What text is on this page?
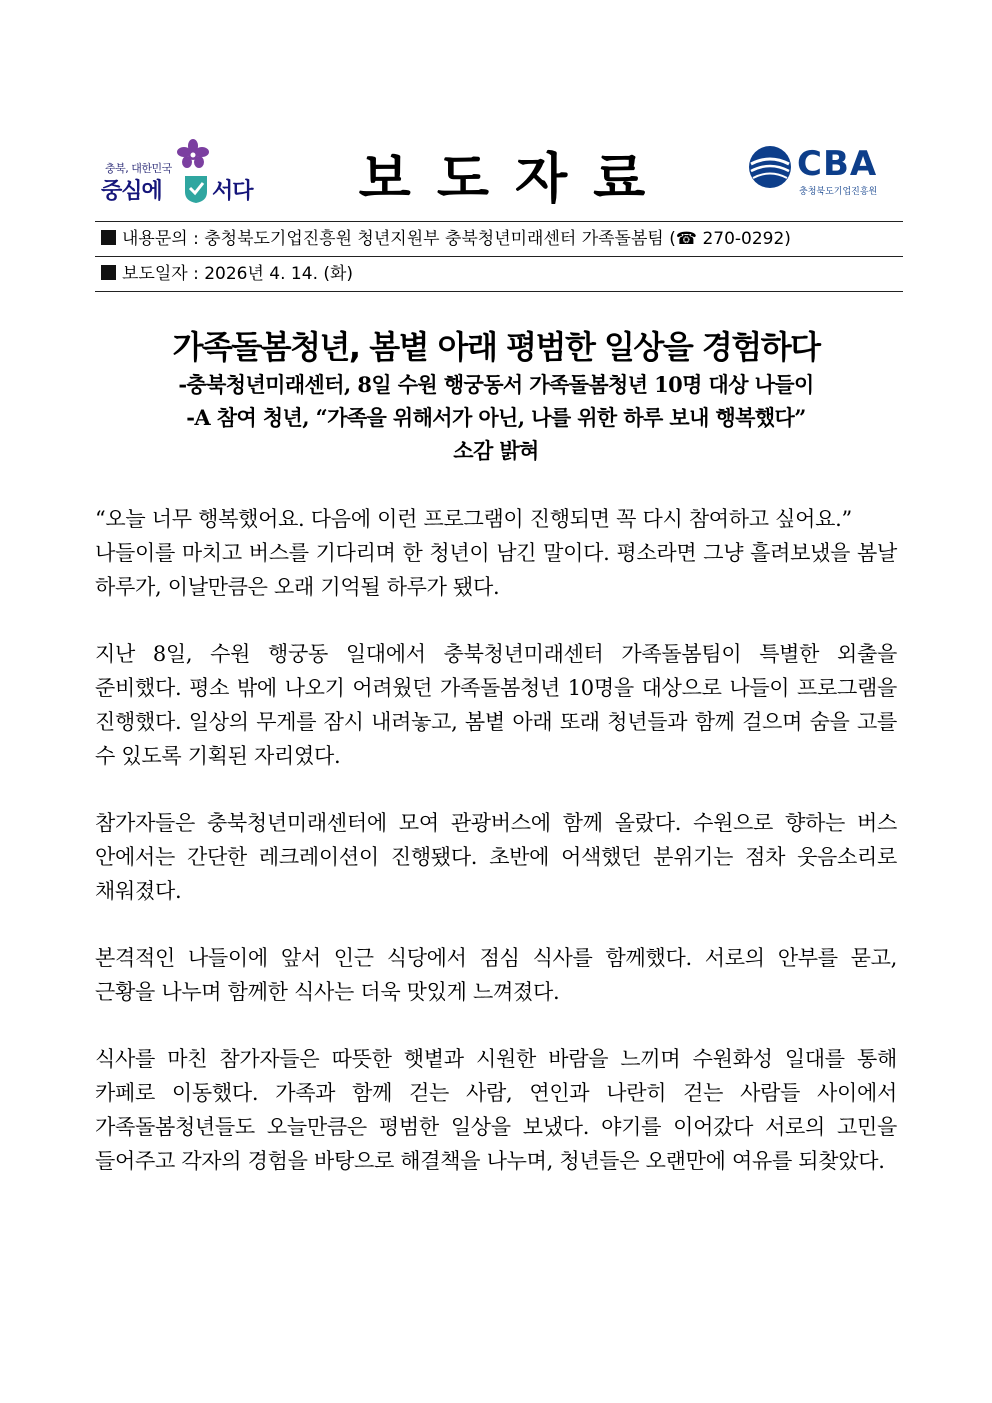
충북, 대한민국
중심에 서다 보도자료	CBA
충청북도기업진흥원
내용문의 : 충청북도기업진흥원 청년지원부 충북청년미래센터 가족돌봄팀 (☎ 270-0292)
보도일자 : 2026년 4. 14. (화)
가족돌봄청년, 봄볕 아래 평범한 일상을 경험하다
-충북청년미래센터, 8일 수원 행궁동서 가족돌봄청년 10명 대상 나들이
-A 참여 청년, “가족을 위해서가 아닌, 나를 위한 하루 보내 행복했다”
소감 밝혀

“오늘 너무 행복했어요. 다음에 이런 프로그램이 진행되면 꼭 다시 참여하고 싶어요.”

나들이를 마치고 버스를 기다리며 한 청년이 남긴 말이다. 평소라면 그냥 흘려보냈을 봄날 하루가, 이날만큼은 오래 기억될 하루가 됐다.

지난 8일, 수원 행궁동 일대에서 충북청년미래센터 가족돌봄팀이 특별한 외출을 준비했다. 평소 밖에 나오기 어려웠던 가족돌봄청년 10명을 대상으로 나들이 프로그램을 진행했다. 일상의 무게를 잠시 내려놓고, 봄볕 아래 또래 청년들과 함께 걸으며 숨을 고를 수 있도록 기획된 자리였다.

참가자들은 충북청년미래센터에 모여 관광버스에 함께 올랐다. 수원으로 향하는 버스 안에서는 간단한 레크레이션이 진행됐다. 초반에 어색했던 분위기는 점차 웃음소리로 채워졌다.

본격적인 나들이에 앞서 인근 식당에서 점심 식사를 함께했다. 서로의 안부를 묻고, 근황을 나누며 함께한 식사는 더욱 맛있게 느껴졌다.

식사를 마친 참가자들은 따뜻한 햇볕과 시원한 바람을 느끼며 수원화성 일대를 통해 카페로 이동했다. 가족과 함께 걷는 사람, 연인과 나란히 걷는 사람들 사이에서 가족돌봄청년들도 오늘만큼은 평범한 일상을 보냈다. 야기를 이어갔다 서로의 고민을 들어주고 각자의 경험을 바탕으로 해결책을 나누며, 청년들은 오랜만에 여유를 되찾았다.
